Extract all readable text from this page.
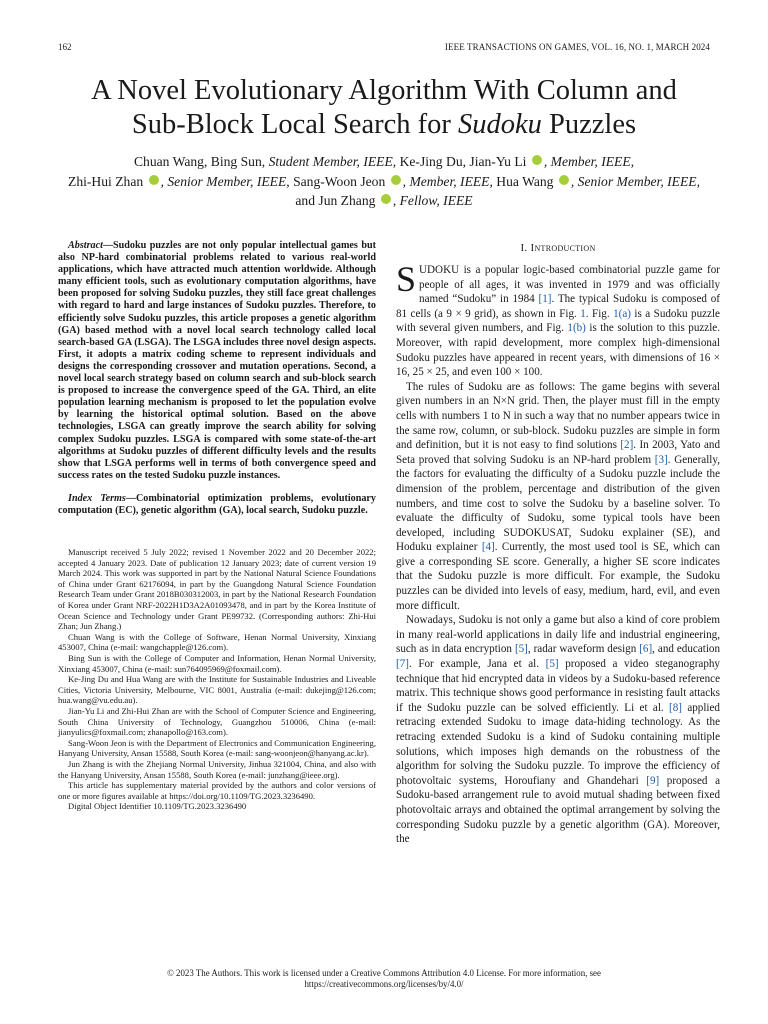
162	IEEE TRANSACTIONS ON GAMES, VOL. 16, NO. 1, MARCH 2024
A Novel Evolutionary Algorithm With Column and
Sub-Block Local Search for Sudoku Puzzles
Chuan Wang, Bing Sun, Student Member, IEEE, Ke-Jing Du, Jian-Yu Li , Member, IEEE,
Zhi-Hui Zhan , Senior Member, IEEE, Sang-Woon Jeon , Member, IEEE, Hua Wang , Senior Member, IEEE,
and Jun Zhang , Fellow, IEEE

Abstract—Sudoku puzzles are not only popular intellectual games but also NP-hard combinatorial problems related to various real-world applications, which have attracted much attention worldwide. Although many efficient tools, such as evolutionary computation algorithms, have been proposed for solving Sudoku puzzles, they still face great challenges with regard to hard and large instances of Sudoku puzzles. Therefore, to efficiently solve Sudoku puzzles, this article proposes a genetic algorithm (GA) based method with a novel local search technology called local search-based GA (LSGA). The LSGA includes three novel design aspects. First, it adopts a matrix coding scheme to represent individuals and designs the corresponding crossover and mutation operations. Second, a novel local search strategy based on column search and sub-block search is proposed to increase the convergence speed of the GA. Third, an elite population learning mechanism is proposed to let the population evolve by learning the historical optimal solution. Based on the above technologies, LSGA can greatly improve the search ability for solving complex Sudoku puzzles. LSGA is compared with some state-of-the-art algorithms at Sudoku puzzles of different difficulty levels and the results show that LSGA performs well in terms of both convergence speed and success rates on the tested Sudoku puzzle instances.

Index Terms—Combinatorial optimization problems, evolutionary computation (EC), genetic algorithm (GA), local search, Sudoku puzzle.

Manuscript received 5 July 2022; revised 1 November 2022 and 20 December 2022; accepted 4 January 2023. Date of publication 12 January 2023; date of current version 19 March 2024. This work was supported in part by the National Natural Science Foundations of China under Grant 62176094, in part by the Guangdong Natural Science Foundation Research Team under Grant 2018B030312003, in part by the National Research Foundation of Korea under Grant NRF-2022H1D3A2A01093478, and in part by the Korea Institute of Ocean Science and Technology under Grant PE99732. (Corresponding authors: Zhi-Hui Zhan; Jun Zhang.)

Chuan Wang is with the College of Software, Henan Normal University, Xinxiang 453007, China (e-mail: wangchapple@126.com).

Bing Sun is with the College of Computer and Information, Henan Normal University, Xinxiang 453007, China (e-mail: sun764095969@foxmail.com).

Ke-Jing Du and Hua Wang are with the Institute for Sustainable Industries and Liveable Cities, Victoria University, Melbourne, VIC 8001, Australia (e-mail: dukejing@126.com; hua.wang@vu.edu.au).

Jian-Yu Li and Zhi-Hui Zhan are with the School of Computer Science and Engineering, South China University of Technology, Guangzhou 510006, China (e-mail: jianyulics@foxmail.com; zhanapollo@163.com).

Sang-Woon Jeon is with the Department of Electronics and Communication Engineering, Hanyang University, Ansan 15588, South Korea (e-mail: sang-woonjeon@hanyang.ac.kr).

Jun Zhang is with the Zhejiang Normal University, Jinhua 321004, China, and also with the Hanyang University, Ansan 15588, South Korea (e-mail: junzhang@ieee.org).

This article has supplementary material provided by the authors and color versions of one or more figures available at https://doi.org/10.1109/TG.2023.3236490.

Digital Object Identifier 10.1109/TG.2023.3236490

I. Introduction

SUDOKU is a popular logic-based combinatorial puzzle game for people of all ages, it was invented in 1979 and was officially named “Sudoku” in 1984 [1]. The typical Sudoku is composed of 81 cells (a 9 × 9 grid), as shown in Fig. 1. Fig. 1(a) is a Sudoku puzzle with several given numbers, and Fig. 1(b) is the solution to this puzzle. Moreover, with rapid development, more complex high-dimensional Sudoku puzzles have appeared in recent years, with dimensions of 16 × 16, 25 × 25, and even 100 × 100.

The rules of Sudoku are as follows: The game begins with several given numbers in an N×N grid. Then, the player must fill in the empty cells with numbers 1 to N in such a way that no number appears twice in the same row, column, or sub-block. Sudoku puzzles are simple in form and definition, but it is not easy to find solutions [2]. In 2003, Yato and Seta proved that solving Sudoku is an NP-hard problem [3]. Generally, the factors for evaluating the difficulty of a Sudoku puzzle include the dimension of the problem, percentage and distribution of the given numbers, and time cost to solve the Sudoku by a baseline solver. To evaluate the difficulty of Sudoku, some typical tools have been developed, including SUDOKUSAT, Sudoku explainer (SE), and Hoduku explainer [4]. Currently, the most used tool is SE, which can give a corresponding SE score. Generally, a higher SE score indicates that the Sudoku puzzle is more difficult. For example, the Sudoku puzzles can be divided into levels of easy, medium, hard, evil, and even more difficult.

Nowadays, Sudoku is not only a game but also a kind of core problem in many real-world applications in daily life and industrial engineering, such as in data encryption [5], radar waveform design [6], and education [7]. For example, Jana et al. [5] proposed a video steganography technique that hid encrypted data in videos by a Sudoku-based reference matrix. This technique shows good performance in resisting fault attacks if the Sudoku puzzle can be solved efficiently. Li et al. [8] applied retracing extended Sudoku to image data-hiding technology. As the retracing extended Sudoku is a kind of Sudoku containing multiple solutions, which imposes high demands on the robustness of the algorithm for solving the Sudoku puzzle. To improve the efficiency of photovoltaic systems, Horoufiany and Ghandehari [9] proposed a Sudoku-based arrangement rule to avoid mutual shading between fixed photovoltaic arrays and obtained the optimal arrangement by solving the corresponding Sudoku puzzle by a genetic algorithm (GA). Moreover, the

© 2023 The Authors. This work is licensed under a Creative Commons Attribution 4.0 License. For more information, see
https://creativecommons.org/licenses/by/4.0/
